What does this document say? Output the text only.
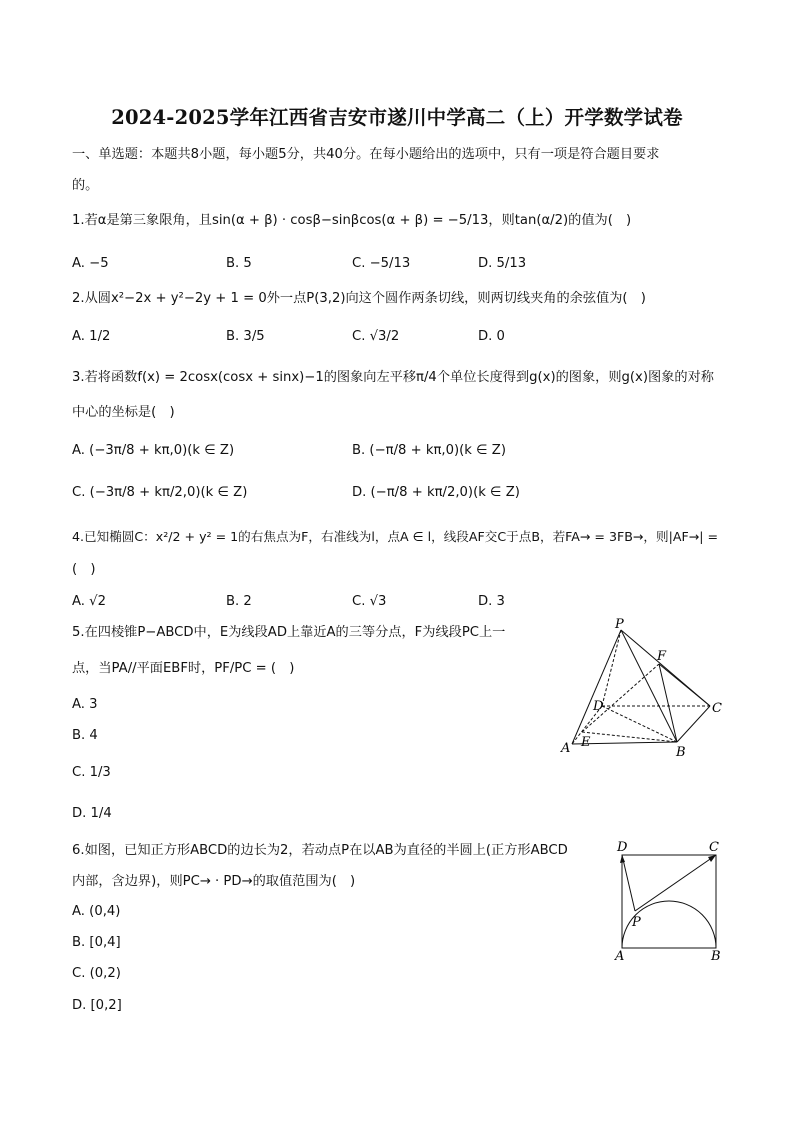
2024-2025学年江西省吉安市遂川中学高二（上）开学数学试卷
一、单选题：本题共8小题，每小题5分，共40分。在每小题给出的选项中，只有一项是符合题目要求
的。
1.若α是第三象限角，且sin(α + β) · cosβ−sinβcos(α + β) = −5/13，则tan(α/2)的值为(　)
A. −5	B. 5	C. −5/13	D. 5/13
2.从圆x²−2x + y²−2y + 1 = 0外一点P(3,2)向这个圆作两条切线，则两切线夹角的余弦值为(　)
A. 1/2	B. 3/5	C. √3/2	D. 0
3.若将函数f(x) = 2cosx(cosx + sinx)−1的图象向左平移π/4个单位长度得到g(x)的图象，则g(x)图象的对称
中心的坐标是(　)
A. (−3π/8 + kπ,0)(k ∈ Z)	B. (−π/8 + kπ,0)(k ∈ Z)
C. (−3π/8 + kπ/2,0)(k ∈ Z)	D. (−π/8 + kπ/2,0)(k ∈ Z)
4.已知椭圆C：x²/2 + y² = 1的右焦点为F，右准线为l，点A ∈ l，线段AF交C于点B，若FA→ = 3FB→，则|AF→| =
(　)
A. √2	B. 2	C. √3	D. 3
5.在四棱锥P−ABCD中，E为线段AD上靠近A的三等分点，F为线段PC上一
点，当PA//平面EBF时，PF/PC = (　)
A. 3
B. 4
C. 1/3
D. 1/4
P
F
D	C
A E
B
6.如图，已知正方形ABCD的边长为2，若动点P在以AB为直径的半圆上(正方形ABCD
内部，含边界)，则PC→ · PD→的取值范围为(　)
A. (0,4)
B. [0,4]
C. (0,2)
D. [0,2]
D	C
P
A	B
